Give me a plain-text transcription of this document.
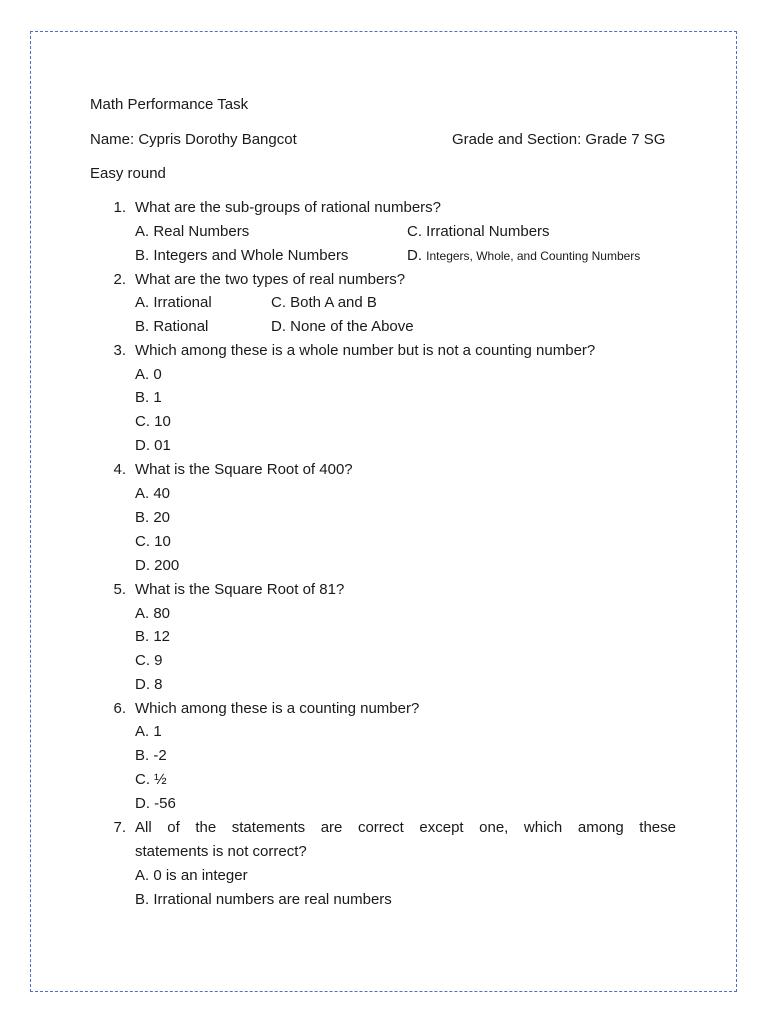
Math Performance Task
Name: Cypris Dorothy Bangcot	Grade and Section: Grade 7 SG
Easy round
1. What are the sub-groups of rational numbers?
A. Real Numbers	C. Irrational Numbers
B. Integers and Whole Numbers	D. Integers, Whole, and Counting Numbers
2. What are the two types of real numbers?
A. Irrational	C. Both A and B
B. Rational	D. None of the Above
3. Which among these is a whole number but is not a counting number?
A. 0
B. 1
C. 10
D. 01
4. What is the Square Root of 400?
A. 40
B. 20
C. 10
D. 200
5. What is the Square Root of 81?
A. 80
B. 12
C. 9
D. 8
6. Which among these is a counting number?
A. 1
B. -2
C. ½
D. -56
7. All of the statements are correct except one, which among these
statements is not correct?
A. 0 is an integer
B. Irrational numbers are real numbers
